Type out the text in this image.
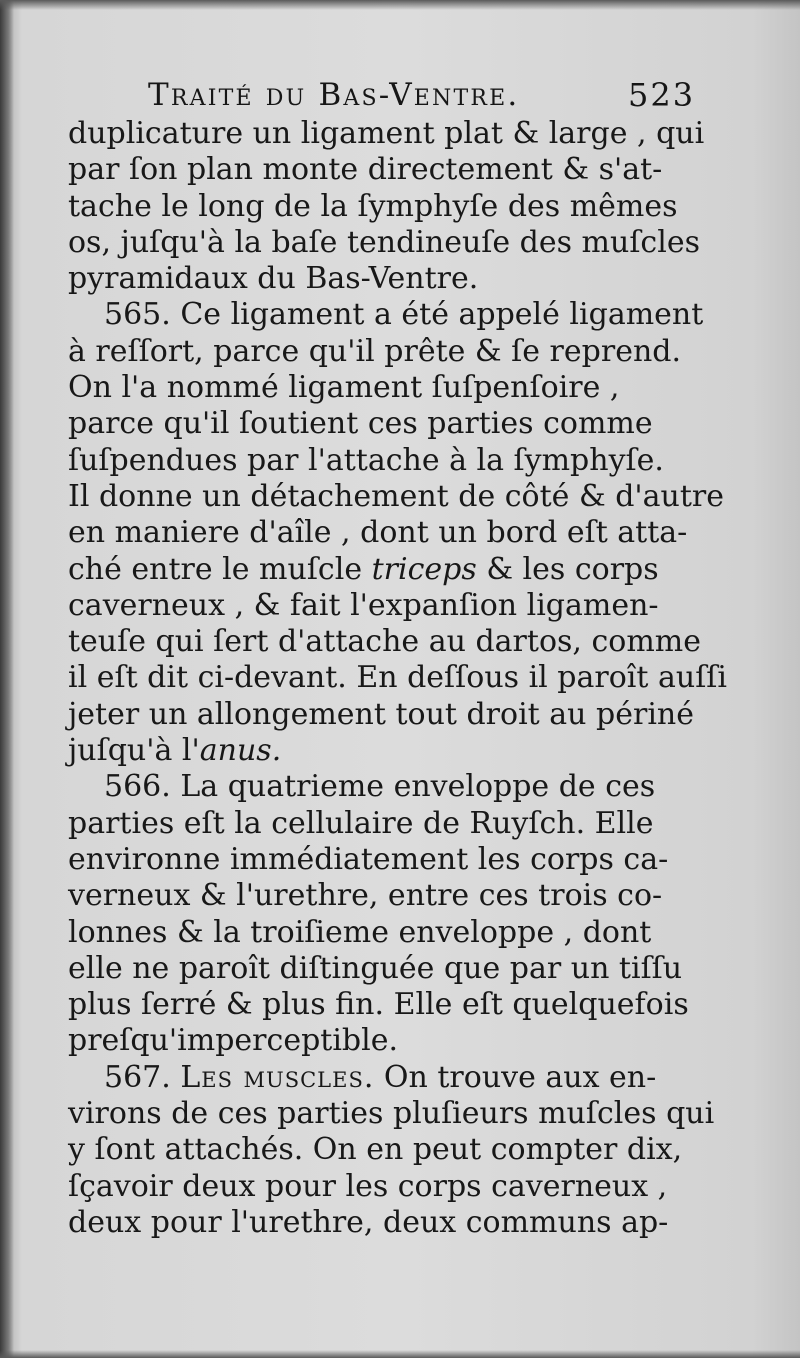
Traité du Bas-Ventre.	523
duplicature un ligament plat & large , qui
par ſon plan monte directement & s'at-
tache le long de la ſymphyſe des mêmes
os, juſqu'à la baſe tendineuſe des muſcles
pyramidaux du Bas-Ventre.
565. Ce ligament a été appelé ligament
à reſſort, parce qu'il prête & ſe reprend.
On l'a nommé ligament ſuſpenſoire ,
parce qu'il ſoutient ces parties comme
ſuſpendues par l'attache à la ſymphyſe.
Il donne un détachement de côté & d'autre
en maniere d'aîle , dont un bord eſt atta-
ché entre le muſcle triceps & les corps
caverneux , & fait l'expanſion ligamen-
teuſe qui ſert d'attache au dartos, comme
il eſt dit ci-devant. En deſſous il paroît auſſi
jeter un allongement tout droit au périné
juſqu'à l'anus.
566. La quatrieme enveloppe de ces
parties eſt la cellulaire de Ruyſch. Elle
environne immédiatement les corps ca-
verneux & l'urethre, entre ces trois co-
lonnes & la troiſieme enveloppe , dont
elle ne paroît diſtinguée que par un tiſſu
plus ſerré & plus fin. Elle eſt quelquefois
preſqu'imperceptible.
567. Les muscles. On trouve aux en-
virons de ces parties pluſieurs muſcles qui
y ſont attachés. On en peut compter dix,
ſçavoir deux pour les corps caverneux ,
deux pour l'urethre, deux communs ap-
